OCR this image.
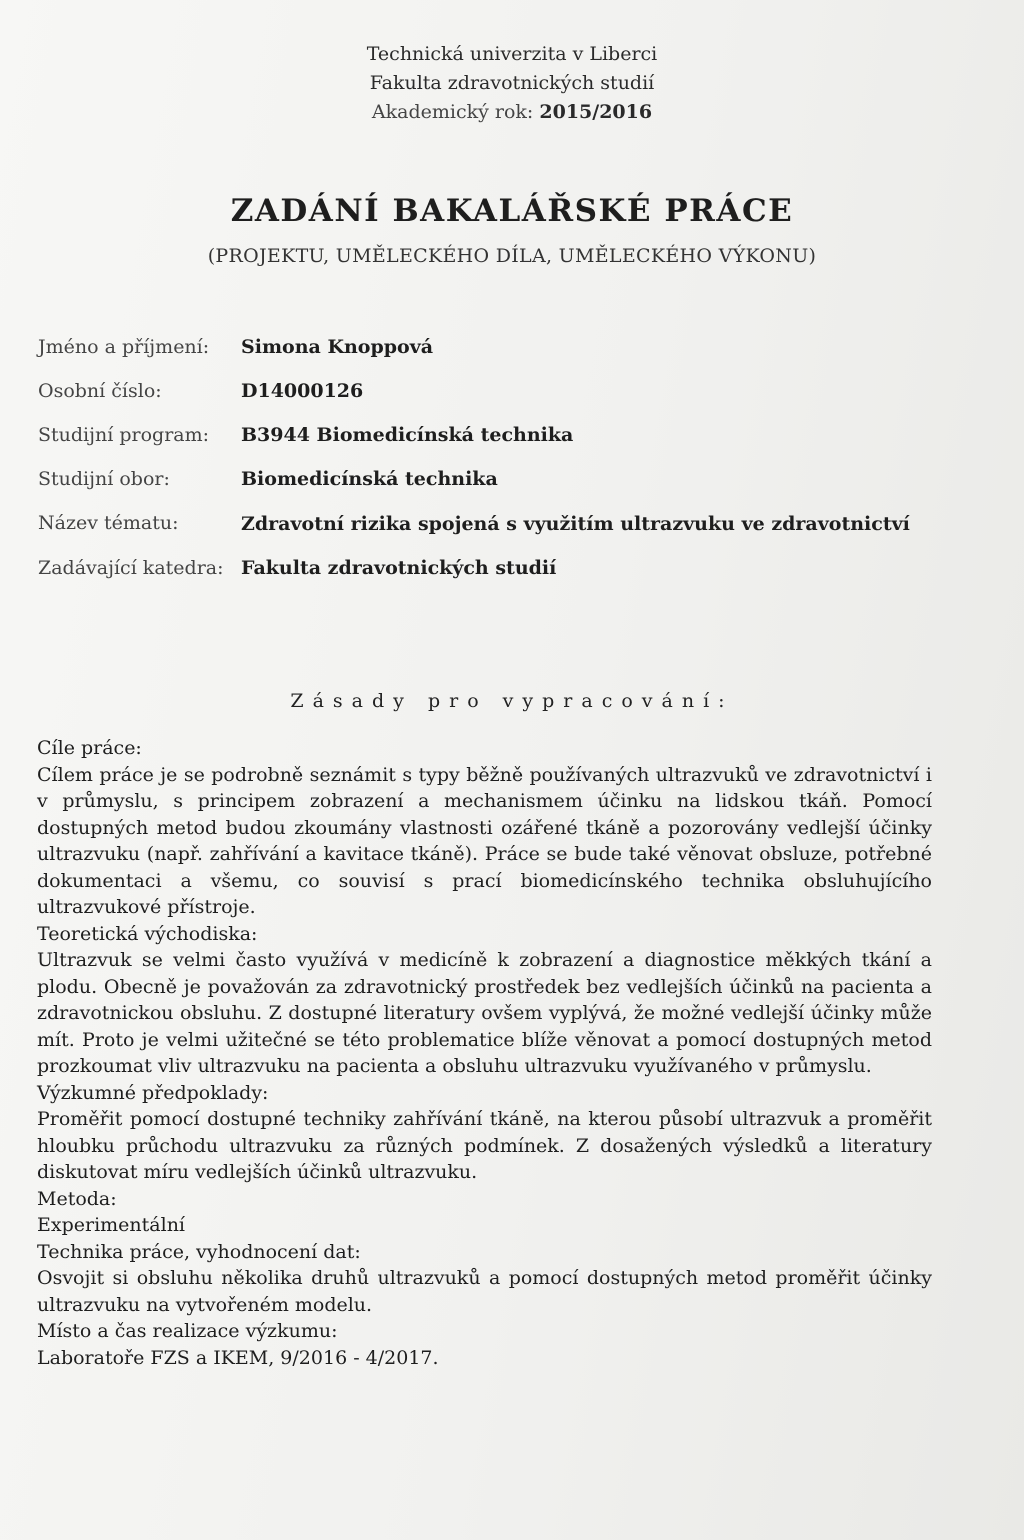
Technická univerzita v Liberci
Fakulta zdravotnických studií
Akademický rok: 2015/2016
ZADÁNÍ BAKALÁŘSKÉ PRÁCE
(PROJEKTU, UMĚLECKÉHO DÍLA, UMĚLECKÉHO VÝKONU)
Jméno a příjmení:	Simona Knoppová
Osobní číslo:	D14000126
Studijní program:	B3944 Biomedicínská technika
Studijní obor:	Biomedicínská technika
Název tématu:	Zdravotní rizika spojená s využitím ultrazvuku ve zdravotnictví
Zadávající katedra: Fakulta zdravotnických studií
Zásady pro vypracování:

Cíle práce:

Cílem práce je se podrobně seznámit s typy běžně používaných ultrazvuků ve zdravotnictví i v průmyslu, s principem zobrazení a mechanismem účinku na lidskou tkáň. Pomocí dostupných metod budou zkoumány vlastnosti ozářené tkáně a pozorovány vedlejší účinky ultrazvuku (např. zahřívání a kavitace tkáně). Práce se bude také věnovat obsluze, potřebné dokumentaci a všemu, co souvisí s prací biomedicínského technika obsluhujícího ultrazvukové přístroje.

Teoretická východiska:

Ultrazvuk se velmi často využívá v medicíně k zobrazení a diagnostice měkkých tkání a plodu. Obecně je považován za zdravotnický prostředek bez vedlejších účinků na pacienta a zdravotnickou obsluhu. Z dostupné literatury ovšem vyplývá, že možné vedlejší účinky může mít. Proto je velmi užitečné se této problematice blíže věnovat a pomocí dostupných metod prozkoumat vliv ultrazvuku na pacienta a obsluhu ultrazvuku využívaného v průmyslu.

Výzkumné předpoklady:

Proměřit pomocí dostupné techniky zahřívání tkáně, na kterou působí ultrazvuk a proměřit hloubku průchodu ultrazvuku za různých podmínek. Z dosažených výsledků a literatury diskutovat míru vedlejších účinků ultrazvuku.

Metoda:

Experimentální

Technika práce, vyhodnocení dat:

Osvojit si obsluhu několika druhů ultrazvuků a pomocí dostupných metod proměřit účinky ultrazvuku na vytvořeném modelu.

Místo a čas realizace výzkumu:

Laboratoře FZS a IKEM, 9/2016 - 4/2017.
